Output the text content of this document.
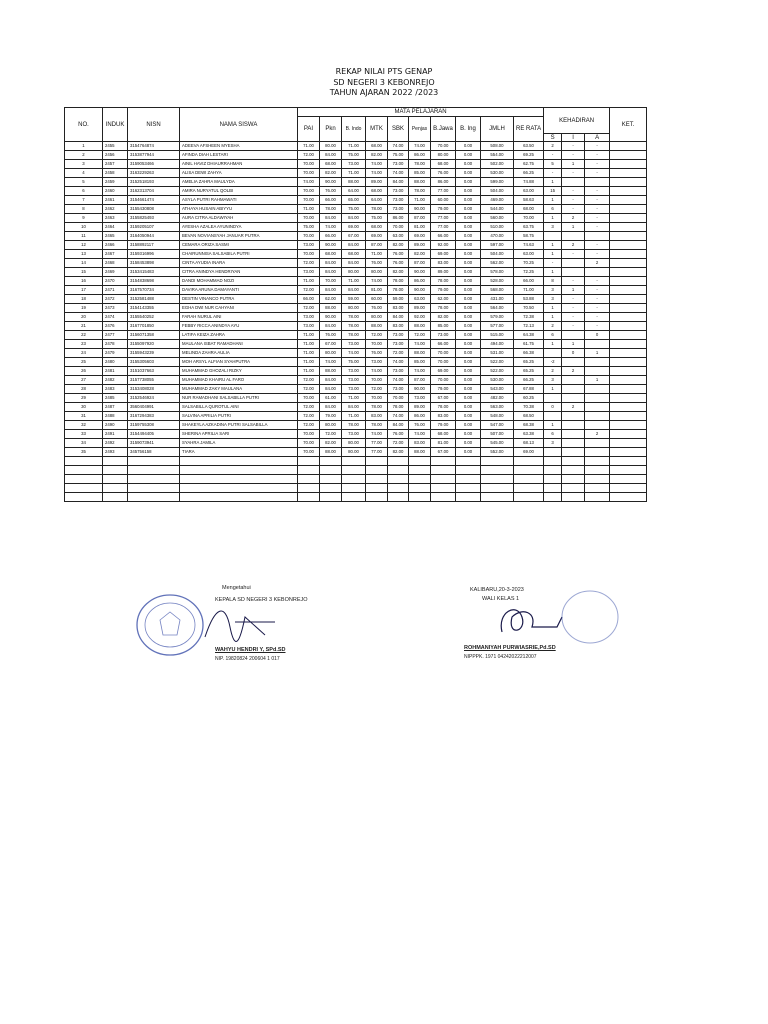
REKAP NILAI PTS GENAP
SD NEGERI 3 KEBONREJO
TAHUN AJARAN 2022 /2023
NO.	INDUK	NISN	NAMA SISWA	MATA PELAJARAN										KEHADIRAN			KET.
				PAI	Pkn	B. Indo	MTK	SBK	Penjas	B.Jawa	B. Ing	JMLH	RE RATA				
														S	I	A	
1	2455	3154764874	ADEEVA AFSHEEN MYESHA	71.00	80.00	71.00	68.00	74.00	74.00	70.00	0.00	508.00	63.50	2	-	-	
2	2456	3153877944	AFINDA DIAH LESTARI	72.00	84.00	75.00	82.00	75.00	86.00	80.00	0.00	554.00	69.25	-	-	-	
3	2457	3159053466	AINIL HAVIZ DHIAURRAHMAN	70.00	68.00	73.00	74.00	73.00	78.00	68.00	0.00	502.00	62.75	5	1	-	
4	2458	3163229263	ALISA DEWI ZAHYA	70.00	82.00	71.00	74.00	74.00	85.00	76.00	0.00	530.00	66.25	-	-	-	
5	2459	3152518193	AMELIA ZAHRA MAULYDA	74.00	90.00	88.00	89.00	84.00	88.00	86.00	0.00	599.00	74.88	1			
6	2460	3162313704	AMIRA NURYATUL QOLBI	70.00	76.00	64.00	68.00	73.00	78.00	77.00	0.00	504.00	63.00	15	-	-	
7	2461	3154661474	ASYLA PUTRI RAHMAWATI	70.00	66.00	65.00	64.00	73.00	71.00	60.00	0.00	469.00	58.63	1	-	-	
8	2462	3155430808	ATHAYA HUSAIN ABIYYU	71.00	78.00	75.00	78.00	73.00	90.00	79.00	0.00	544.00	68.00	6	-	-	
9	2463	3155825493	AURA CITRA ALDAWIYAH	70.00	84.00	84.00	75.00	86.00	87.00	77.00	0.00	560.00	70.00	1	2	-	
10	2464	3159205107	AYESHA AZALEA AYUNINDYA	75.00	74.00	69.00	68.00	70.00	81.00	77.00	0.00	510.00	63.75	3	1	-	
11	2465	3164050944	BEVAN NOVIANSYAH JANUAR PUTRA	70.00	66.00	67.00	69.00	63.00	69.00	66.00	0.00	470.00	58.75				
12	2466	3158892117	CEMARA ORIZA SASMI	73.00	90.00	84.00	87.00	82.00	89.00	92.00	0.00	597.00	74.63	1	2	-	
13	2467	3159316996	CHAIRUNNISA SALSABILA PUTRI	70.00	68.00	68.00	71.00	76.00	82.00	69.00	0.00	504.00	63.00	1	-	-	
14	2468	3158453898	CINTA AYUDIA INARA	72.00	84.00	84.00	76.00	76.00	87.00	83.00	0.00	562.00	70.25	-		2	
15	2469	3153415483	CITRA ANINDYA HENDRIYAN	73.00	84.00	80.00	80.00	82.00	90.00	89.00	0.00	578.00	72.25	1			
16	2470	3154838698	DANDI MOHAMMAD NOZI	71.00	70.00	71.00	74.00	78.00	86.00	78.00	0.00	528.00	66.00	8	-	-	
17	2471	3167570734	DAVIRA ARUNA DAMAYANTI	72.00	84.00	84.00	81.00	78.00	90.00	79.00	0.00	568.00	71.00	3	1	-	
18	2472	3152581488	DESTIN VINANCO PUTRA	66.00	62.00	59.00	60.00	59.00	63.00	62.00	0.00	431.00	53.88	3	-	-	
19	2473	3154143355	EGHA DWI NUR CAHYANI	72.00	88.00	80.00	76.00	83.00	89.00	78.00	0.00	564.00	70.50	1	-	-	
20	2474	3155540252	FARAH NURUL AINI	73.00	90.00	78.00	80.00	84.00	92.00	82.00	0.00	579.00	72.38	1	-	-	
21	2476	3167701850	FEBBY RICCA ANINDYA AYU	73.00	84.00	78.00	88.00	83.00	88.00	85.00	0.00	577.00	72.13	2	-	-	
22	2477	3156071358	LATIFA KEIZA ZAHRA	71.00	76.00	78.00	72.00	73.00	72.00	73.00	0.00	515.00	64.38	6		0	
23	2478	3155097920	MAULANA ISBAT RAMADHANI	71.00	67.00	73.00	70.00	73.00	74.00	66.00	0.00	494.00	61.75	1	1		
24	2479	3155943239	MELINDA ZAHRA AULIA	71.00	80.00	74.00	76.00	72.00	88.00	70.00	0.00	531.00	66.38		0	1	
25	2480	3155305603	MOH ARSYL ALFIAN SYAHPUTRA	71.00	74.00	75.00	73.00	74.00	85.00	70.00	0.00	522.00	65.25	-2			
26	2481	3151037663	MUHAMMAD GHOZALI RIZKY	71.00	88.00	73.00	74.00	73.00	74.00	69.00	0.00	522.00	65.25	2	2		
27	2482	3157738055	MUHAMMAD KHAIRU AL FARO	72.00	84.00	73.00	70.00	74.00	87.00	70.00	0.00	530.00	66.25	3		1	
28	2483	3153408028	MUHAMMAD ZAKY MAULANA	72.00	84.00	73.00	72.00	73.00	90.00	79.00	0.00	543.00	67.88	1			
29	2485	3152546924	NUR RAMADHANI SALSABILLA PUTRI	70.00	61.00	71.00	70.00	70.00	73.00	67.00	0.00	482.00	60.25				
30	2487	3560404991	SALSABILLA QUROTUL AINI	72.00	84.00	84.00	78.00	78.00	89.00	78.00	0.00	563.00	70.38	0	2		
31	2488	3167294383	SALVINA APRILIA PUTRI	72.00	79.00	71.00	83.00	74.00	86.00	83.00	0.00	548.00	68.50				
32	2490	3159755308	SHAKEYLA AZKADINA PUTRI SALSABILLA	72.00	80.00	78.00	78.00	84.00	76.00	79.00	0.00	547.00	68.38	1			
33	2491	3154494405	SHERINA APRILIA SARI	70.00	72.00	73.00	74.00	76.00	74.00	68.00	0.00	507.00	63.38	6		2	
34	2492	3159073941	SYAHRA JAMILA	70.00	82.00	80.00	77.00	72.00	83.00	81.00	0.00	545.00	68.13	3			
35	2493	345756158	TIARA	70.00	88.00	80.00	77.00	82.00	88.00	67.00	0.00	552.00	69.00				

Mengetahui
KEPALA SD NEGERI 3 KEBONREJO
WAHYU HENDRI Y, SPd.SD
NIP. 19820824 200604 1 017
KALIBARU,20-3-2023
WALI KELAS 1
ROHMANIYAH PURWIASRIE,Pd.SD
NIPPPK. 1971 04242022212007
